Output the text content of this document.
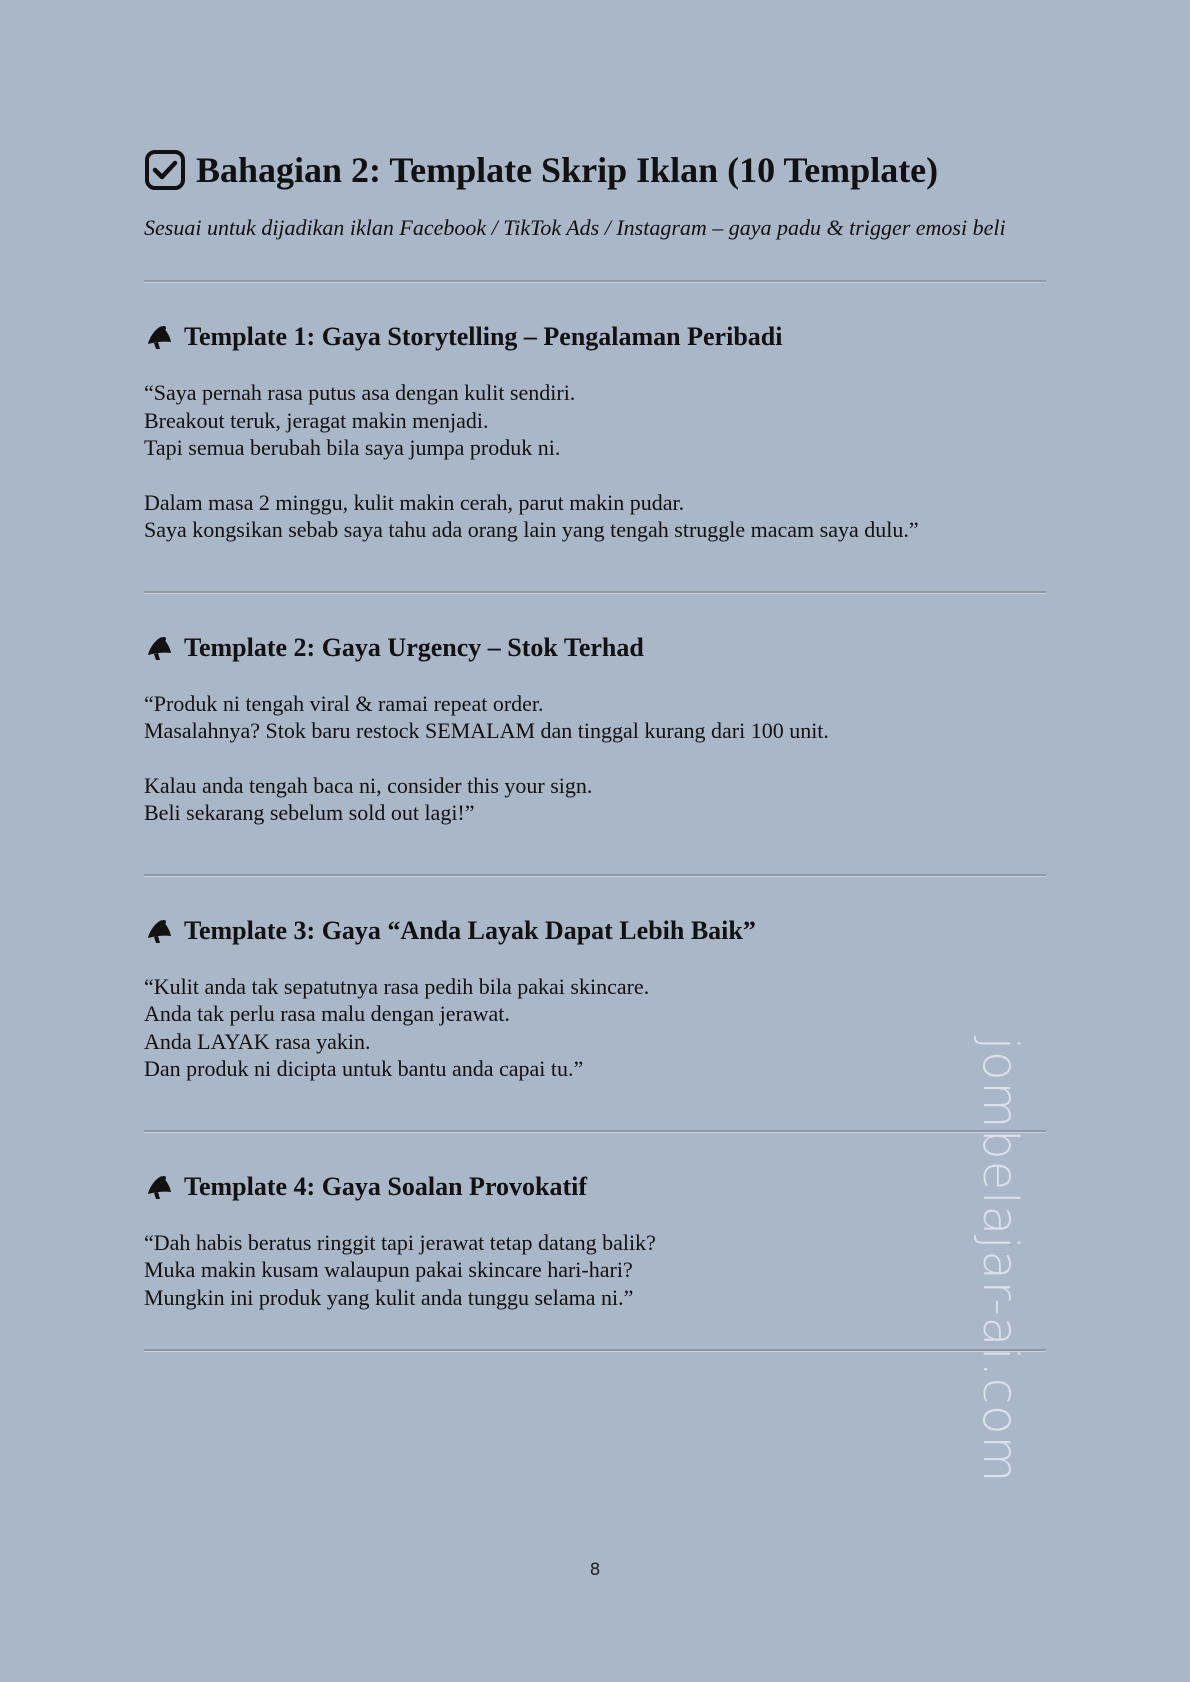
Bahagian 2: Template Skrip Iklan (10 Template)

Sesuai untuk dijadikan iklan Facebook / TikTok Ads / Instagram – gaya padu & trigger emosi beli

Template 1: Gaya Storytelling – Pengalaman Peribadi
“Saya pernah rasa putus asa dengan kulit sendiri.
Breakout teruk, jeragat makin menjadi.
Tapi semua berubah bila saya jumpa produk ni.
Dalam masa 2 minggu, kulit makin cerah, parut makin pudar.
Saya kongsikan sebab saya tahu ada orang lain yang tengah struggle macam saya dulu.”
Template 2: Gaya Urgency – Stok Terhad
“Produk ni tengah viral & ramai repeat order.
Masalahnya? Stok baru restock SEMALAM dan tinggal kurang dari 100 unit.
Kalau anda tengah baca ni, consider this your sign.
Beli sekarang sebelum sold out lagi!”
Template 3: Gaya “Anda Layak Dapat Lebih Baik”
“Kulit anda tak sepatutnya rasa pedih bila pakai skincare.
Anda tak perlu rasa malu dengan jerawat.
Anda LAYAK rasa yakin.
Dan produk ni dicipta untuk bantu anda capai tu.”
Template 4: Gaya Soalan Provokatif
“Dah habis beratus ringgit tapi jerawat tetap datang balik?
Muka makin kusam walaupun pakai skincare hari-hari?
Mungkin ini produk yang kulit anda tunggu selama ni.”	jombelajar-ai.com
8
